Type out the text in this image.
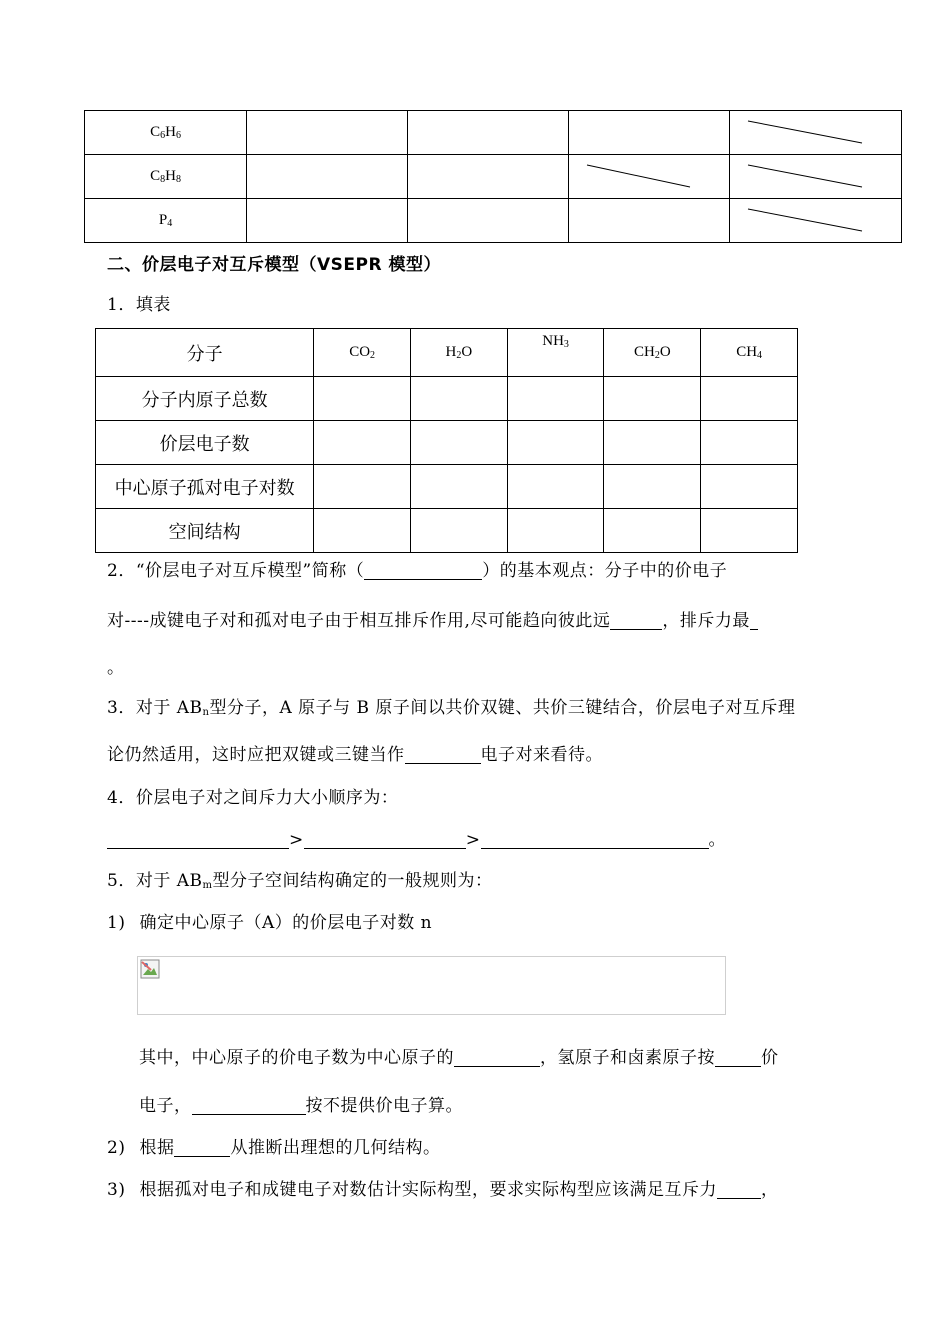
$C_6H_6$				

$C_8H_8$			

$P_4$				
二、价层电子对互斥模型（VSEPR 模型）
1．填表
分子	$CO_2$	$H_2O$	$NH_3$	$CH_2O$	$CH_4$
分子内原子总数					
价层电子数					
中心原子孤对电子对数					
空间结构					
2．“价层电子对互斥模型”简称（	）的基本观点：分子中的价电子
对----成键电子对和孤对电子由于相互排斥作用,尽可能趋向彼此远	，排斥力最
。
3．对于 $AB_n$型分子，A 原子与 B 原子间以共价双键、共价三键结合，价层电子对互斥理
论仍然适用，这时应把双键或三键当作	电子对来看待。
4．价层电子对之间斥力大小顺序为：
>	>	。
5．对于 $AB_m$型分子空间结构确定的一般规则为：
1) 确定中心原子（A）的价层电子对数 n
其中，中心原子的价电子数为中心原子的	，氢原子和卤素原子按	价
电子，	按不提供价电子算。
2) 根据	从推断出理想的几何结构。
3) 根据孤对电子和成键电子对数估计实际构型，要求实际构型应该满足互斥力	，
